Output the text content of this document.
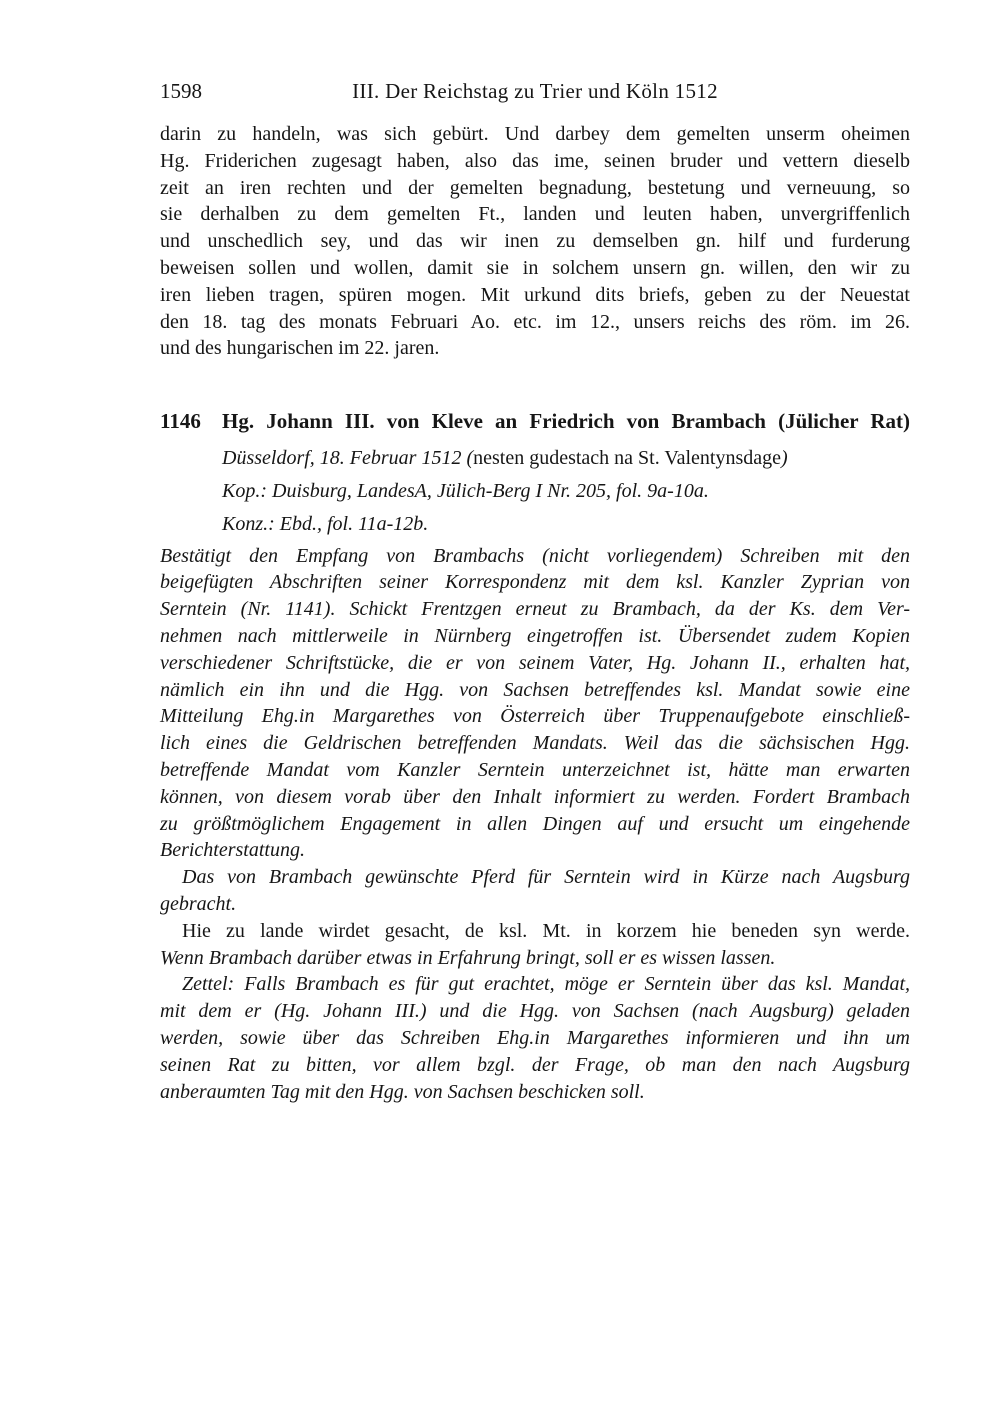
1598	III. Der Reichstag zu Trier und Köln 1512
darin zu handeln, was sich gebürt. Und darbey dem gemelten unserm oheimen
Hg. Friderichen zugesagt haben, also das ime, seinen bruder und vettern dieselb
zeit an iren rechten und der gemelten begnadung, bestetung und verneuung, so
sie derhalben zu dem gemelten Ft., landen und leuten haben, unvergriffenlich
und unschedlich sey, und das wir inen zu demselben gn. hilf und furderung
beweisen sollen und wollen, damit sie in solchem unsern gn. willen, den wir zu
iren lieben tragen, spüren mogen. Mit urkund dits briefs, geben zu der Neuestat
den 18. tag des monats Februari Ao. etc. im 12., unsers reichs des röm. im 26.
und des hungarischen im 22. jaren.
1146	Hg. Johann III. von Kleve an Friedrich von Brambach (Jülicher Rat)
Düsseldorf, 18. Februar 1512 (nesten gudestach na St. Valentynsdage)
Kop.: Duisburg, LandesA, Jülich-Berg I Nr. 205, fol. 9a-10a.
Konz.: Ebd., fol. 11a-12b.
Bestätigt den Empfang von Brambachs (nicht vorliegendem) Schreiben mit den
beigefügten Abschriften seiner Korrespondenz mit dem ksl. Kanzler Zyprian von
Serntein (Nr. 1141). Schickt Frentzgen erneut zu Brambach, da der Ks. dem Ver-
nehmen nach mittlerweile in Nürnberg eingetroffen ist. Übersendet zudem Kopien
verschiedener Schriftstücke, die er von seinem Vater, Hg. Johann II., erhalten hat,
nämlich ein ihn und die Hgg. von Sachsen betreffendes ksl. Mandat sowie eine
Mitteilung Ehg.in Margarethes von Österreich über Truppenaufgebote einschließ-
lich eines die Geldrischen betreffenden Mandats. Weil das die sächsischen Hgg.
betreffende Mandat vom Kanzler Serntein unterzeichnet ist, hätte man erwarten
können, von diesem vorab über den Inhalt informiert zu werden. Fordert Brambach
zu größtmöglichem Engagement in allen Dingen auf und ersucht um eingehende
Berichterstattung.
Das von Brambach gewünschte Pferd für Serntein wird in Kürze nach Augsburg
gebracht.
Hie zu lande wirdet gesacht, de ksl. Mt. in korzem hie beneden syn werde.
Wenn Brambach darüber etwas in Erfahrung bringt, soll er es wissen lassen.
Zettel: Falls Brambach es für gut erachtet, möge er Serntein über das ksl. Mandat,
mit dem er (Hg. Johann III.) und die Hgg. von Sachsen (nach Augsburg) geladen
werden, sowie über das Schreiben Ehg.in Margarethes informieren und ihn um
seinen Rat zu bitten, vor allem bzgl. der Frage, ob man den nach Augsburg
anberaumten Tag mit den Hgg. von Sachsen beschicken soll.
